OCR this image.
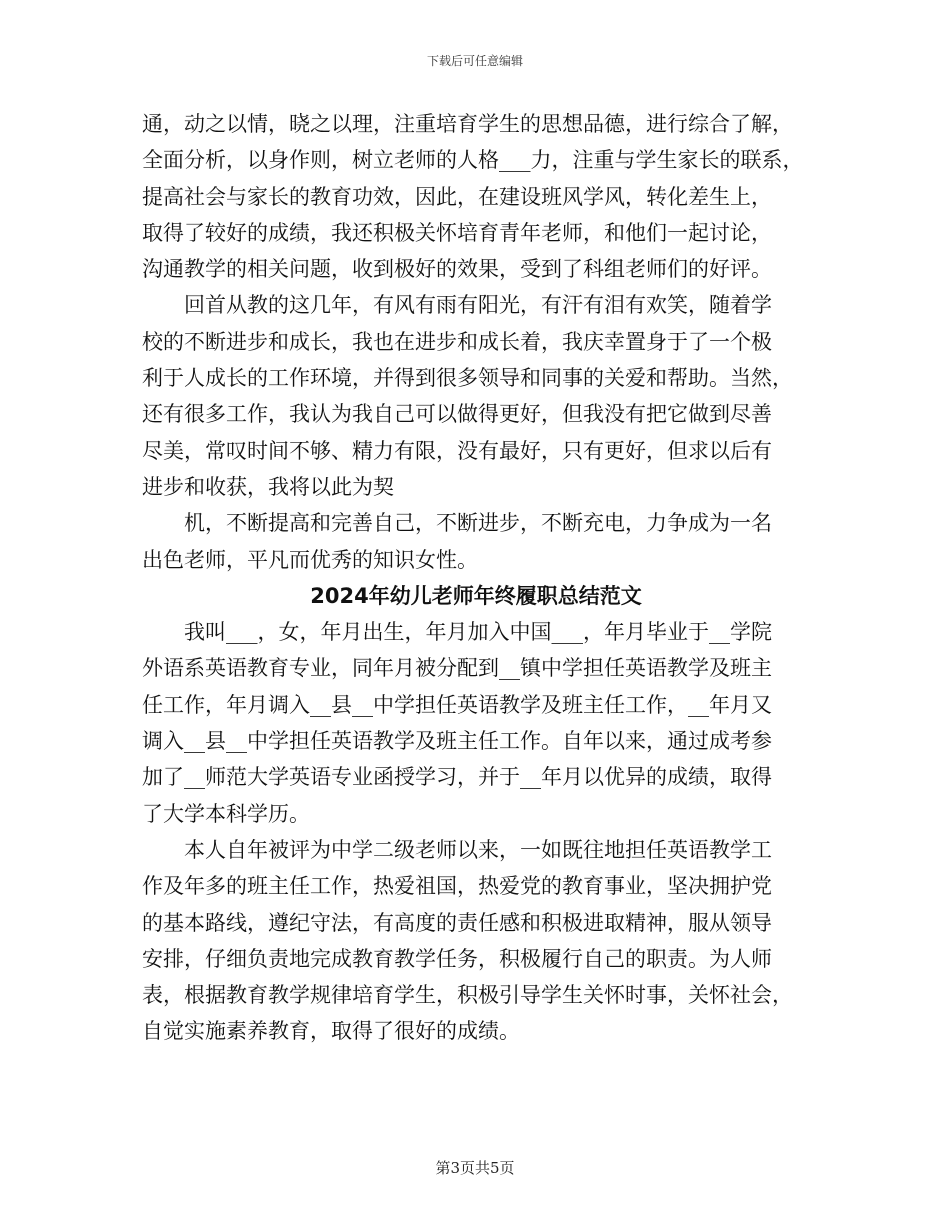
下载后可任意编辑

通，动之以情，晓之以理，注重培育学生的思想品德，进行综合了解，
全面分析，以身作则，树立老师的人格___力，注重与学生家长的联系，
提高社会与家长的教育功效，因此，在建设班风学风，转化差生上，
取得了较好的成绩，我还积极关怀培育青年老师，和他们一起讨论，
沟通教学的相关问题，收到极好的效果，受到了科组老师们的好评。

　　回首从教的这几年，有风有雨有阳光，有汗有泪有欢笑，随着学
校的不断进步和成长，我也在进步和成长着，我庆幸置身于了一个极
利于人成长的工作环境，并得到很多领导和同事的关爱和帮助。当然，
还有很多工作，我认为我自己可以做得更好，但我没有把它做到尽善
尽美，常叹时间不够、精力有限，没有最好，只有更好，但求以后有
进步和收获，我将以此为契

　　机，不断提高和完善自己，不断进步，不断充电，力争成为一名
出色老师，平凡而优秀的知识女性。

2024年幼儿老师年终履职总结范文

　　我叫___，女，年月出生，年月加入中国___，年月毕业于__学院
外语系英语教育专业，同年月被分配到__镇中学担任英语教学及班主
任工作，年月调入__县__中学担任英语教学及班主任工作，__年月又
调入__县__中学担任英语教学及班主任工作。自年以来，通过成考参
加了__师范大学英语专业函授学习，并于__年月以优异的成绩，取得
了大学本科学历。

　　本人自年被评为中学二级老师以来，一如既往地担任英语教学工
作及年多的班主任工作，热爱祖国，热爱党的教育事业，坚决拥护党
的基本路线，遵纪守法，有高度的责任感和积极进取精神，服从领导
安排，仔细负责地完成教育教学任务，积极履行自己的职责。为人师
表，根据教育教学规律培育学生，积极引导学生关怀时事，关怀社会，
自觉实施素养教育，取得了很好的成绩。

第3页共5页
